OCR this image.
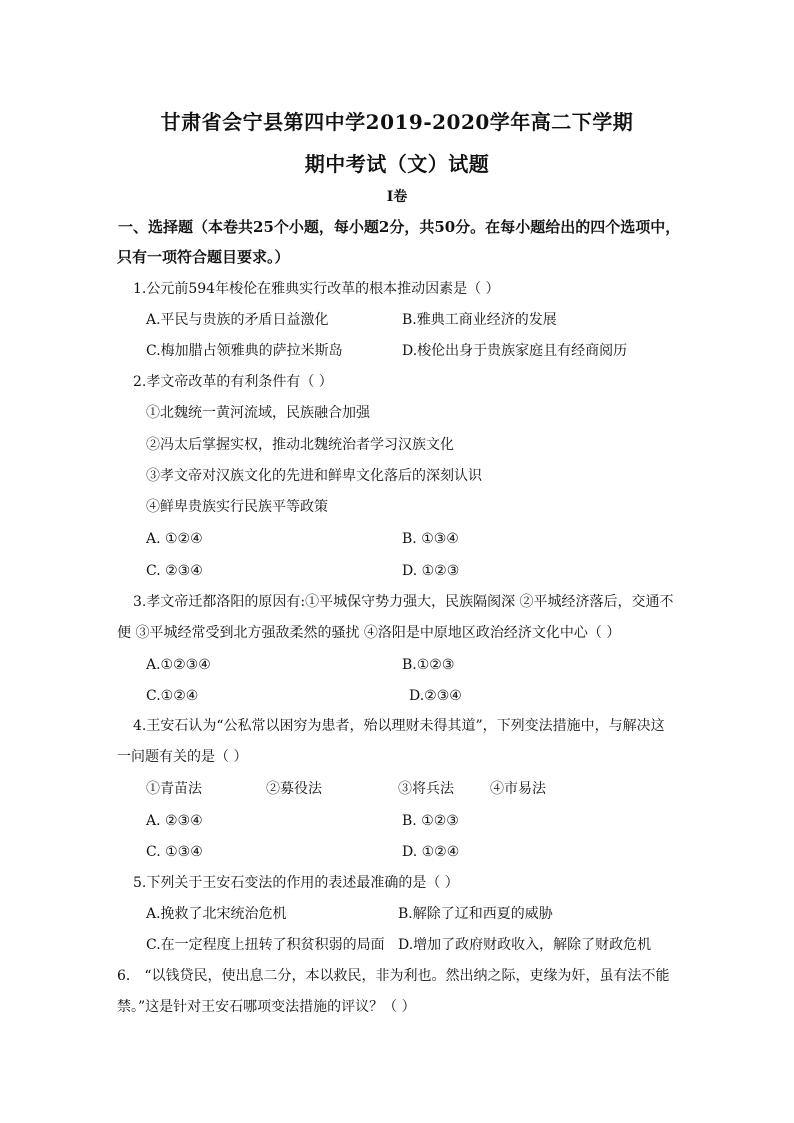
甘肃省会宁县第四中学2019-2020学年高二下学期
期中考试（文）试题
Ⅰ卷
一、选择题（本卷共25个小题，每小题2分，共50分。在每小题给出的四个选项中，
只有一项符合题目要求。）
1.公元前594年梭伦在雅典实行改革的根本推动因素是（ ）
A.平民与贵族的矛盾日益激化	B.雅典工商业经济的发展
C.梅加腊占领雅典的萨拉米斯岛	D.梭伦出身于贵族家庭且有经商阅历
2.孝文帝改革的有利条件有（ ）
①北魏统一黄河流域，民族融合加强
②冯太后掌握实权，推动北魏统治者学习汉族文化
③孝文帝对汉族文化的先进和鲜卑文化落后的深刻认识
④鲜卑贵族实行民族平等政策
A. ①②④	B. ①③④
C. ②③④	D. ①②③
3.孝文帝迁都洛阳的原因有:①平城保守势力强大，民族隔阂深 ②平城经济落后，交通不
便 ③平城经常受到北方强敌柔然的骚扰 ④洛阳是中原地区政治经济文化中心（ ）
A.①②③④	B.①②③
C.①②④	D.②③④
4.王安石认为“公私常以困穷为患者，殆以理财未得其道”，下列变法措施中，与解决这
一问题有关的是（ ）
①青苗法	②募役法	③将兵法	④市易法
A. ②③④	B. ①②③
C. ①③④	D. ①②④
5.下列关于王安石变法的作用的表述最准确的是（ ）
A.挽救了北宋统治危机	B.解除了辽和西夏的威胁
C.在一定程度上扭转了积贫积弱的局面 D.增加了政府财政收入，解除了财政危机
6． “以钱贷民，使出息二分，本以救民，非为利也。然出纳之际，吏缘为奸，虽有法不能
禁。”这是针对王安石哪项变法措施的评议？（ ）
